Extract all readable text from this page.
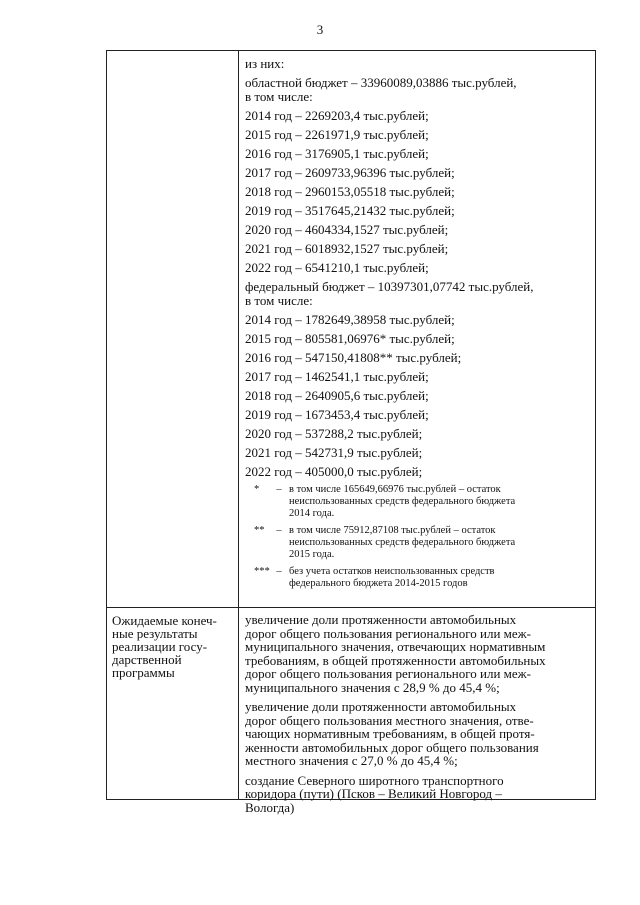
3

из них:

областной бюджет – 33960089,03886 тыс.рублей,

в том числе:

2014 год – 2269203,4 тыс.рублей;

2015 год – 2261971,9 тыс.рублей;

2016 год – 3176905,1 тыс.рублей;

2017 год – 2609733,96396 тыс.рублей;

2018 год – 2960153,05518 тыс.рублей;

2019 год – 3517645,21432 тыс.рублей;

2020 год – 4604334,1527 тыс.рублей;

2021 год – 6018932,1527 тыс.рублей;

2022 год – 6541210,1 тыс.рублей;

федеральный бюджет – 10397301,07742 тыс.рублей,

в том числе:

2014 год – 1782649,38958 тыс.рублей;

2015 год – 805581,06976* тыс.рублей;

2016 год – 547150,41808** тыс.рублей;

2017 год – 1462541,1 тыс.рублей;

2018 год – 2640905,6 тыс.рублей;

2019 год – 1673453,4 тыс.рублей;

2020 год – 537288,2 тыс.рублей;

2021 год – 542731,9 тыс.рублей;

2022 год – 405000,0 тыс.рублей;

*	– в том числе 165649,66976 тыс.рублей – остаток
неиспользованных средств федерального бюджета
2014 года.
**	– в том числе 75912,87108 тыс.рублей – остаток
неиспользованных средств федерального бюджета
2015 года.
*** – без учета остатков неиспользованных средств
федерального бюджета 2014-2015 годов

Ожидаемые конеч-

ные результаты

реализации госу-

дарственной

программы

увеличение доли протяженности автомобильных
дорог общего пользования регионального или меж-
муниципального значения, отвечающих нормативным
требованиям, в общей протяженности автомобильных
дорог общего пользования регионального или меж-
муниципального значения с 28,9 % до 45,4 %;
увеличение доли протяженности автомобильных
дорог общего пользования местного значения, отве-
чающих нормативным требованиям, в общей протя-
женности автомобильных дорог общего пользования
местного значения с 27,0 % до 45,4 %;
создание Северного широтного транспортного
коридора (пути) (Псков – Великий Новгород –
Вологда)
